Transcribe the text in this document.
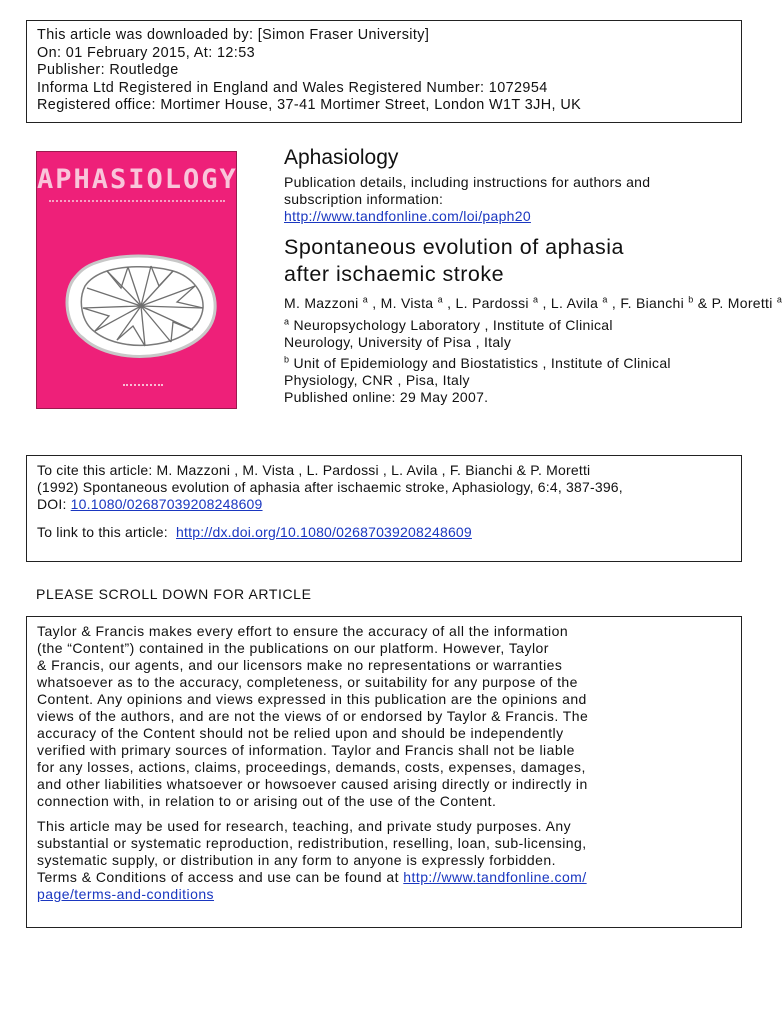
This article was downloaded by: [Simon Fraser University]
On: 01 February 2015, At: 12:53
Publisher: Routledge
Informa Ltd Registered in England and Wales Registered Number: 1072954
Registered office: Mortimer House, 37-41 Mortimer Street, London W1T 3JH, UK
APHASIOLOGY
Aphasiology
Publication details, including instructions for authors and
subscription information:
http://www.tandfonline.com/loi/paph20
Spontaneous evolution of aphasia
after ischaemic stroke
M. Mazzoni $^a$ , M. Vista $^a$ , L. Pardossi $^a$ , L. Avila $^a$ , F. Bianchi $^b$ & P. Moretti $^a$
$^a$ Neuropsychology Laboratory , Institute of Clinical
Neurology, University of Pisa , Italy
$^b$ Unit of Epidemiology and Biostatistics , Institute of Clinical
Physiology, CNR , Pisa, Italy
Published online: 29 May 2007.
To cite this article: M. Mazzoni , M. Vista , L. Pardossi , L. Avila , F. Bianchi & P. Moretti
(1992) Spontaneous evolution of aphasia after ischaemic stroke, Aphasiology, 6:4, 387-396,
DOI: 10.1080/02687039208248609
To link to this article: http://dx.doi.org/10.1080/02687039208248609
PLEASE SCROLL DOWN FOR ARTICLE

Taylor & Francis makes every effort to ensure the accuracy of all the information
(the “Content”) contained in the publications on our platform. However, Taylor
& Francis, our agents, and our licensors make no representations or warranties
whatsoever as to the accuracy, completeness, or suitability for any purpose of the
Content. Any opinions and views expressed in this publication are the opinions and
views of the authors, and are not the views of or endorsed by Taylor & Francis. The
accuracy of the Content should not be relied upon and should be independently
verified with primary sources of information. Taylor and Francis shall not be liable
for any losses, actions, claims, proceedings, demands, costs, expenses, damages,
and other liabilities whatsoever or howsoever caused arising directly or indirectly in
connection with, in relation to or arising out of the use of the Content.

This article may be used for research, teaching, and private study purposes. Any
substantial or systematic reproduction, redistribution, reselling, loan, sub-licensing,
systematic supply, or distribution in any form to anyone is expressly forbidden.
Terms & Conditions of access and use can be found at http://www.tandfonline.com/
page/terms-and-conditions
